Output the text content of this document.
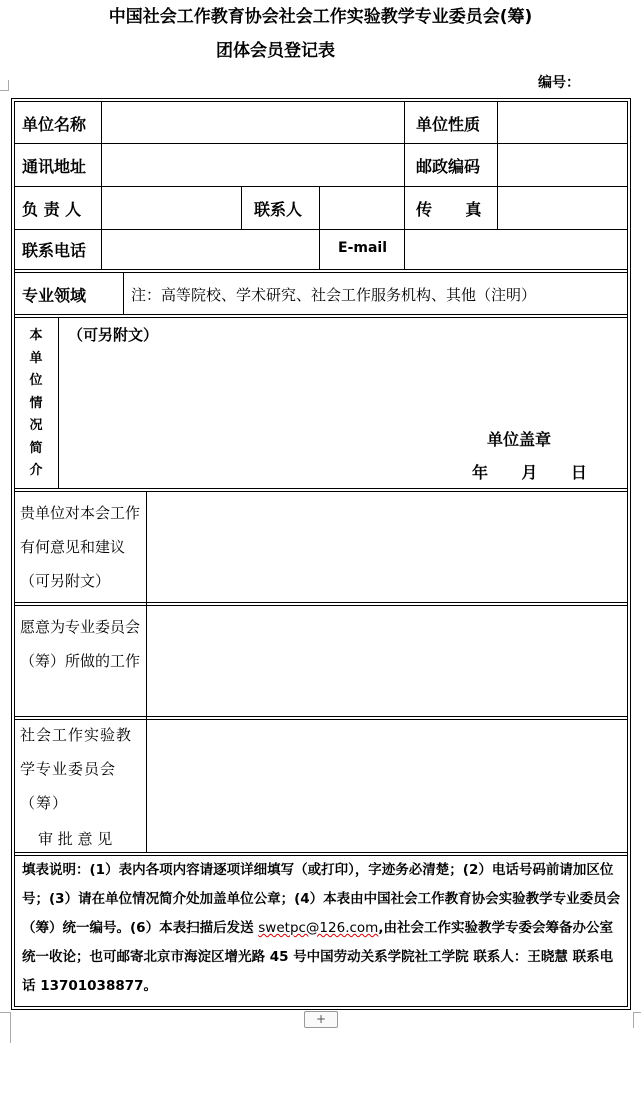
中国社会工作教育协会社会工作实验教学专业委员会(筹)
团体会员登记表
编号：
单位名称	单位性质
通讯地址	邮政编码
负 责 人	联系人	传      真
联系电话	E-mail
专业领域	注：高等院校、学术研究、社会工作服务机构、其他（注明）
本
单
位
情
况
简
介
（可另附文）
单位盖章
年      月      日
贵单位对本会工作有何意见和建议（可另附文）
愿意为专业委员会（筹）所做的工作
社会工作实验教学专业委员会（筹）
审 批 意 见
填表说明：(1）表内各项内容请逐项详细填写（或打印），字迹务必清楚；(2）电话号码前请加区位号；(3）请在单位情况简介处加盖单位公章；(4）本表由中国社会工作教育协会实验教学专业委员会（筹）统一编号。(6）本表扫描后发送 swetpc@126.com,由社会工作实验教学专委会筹备办公室统一收论；也可邮寄北京市海淀区增光路 45 号中国劳动关系学院社工学院 联系人：王晓慧 联系电话 13701038877。
+
